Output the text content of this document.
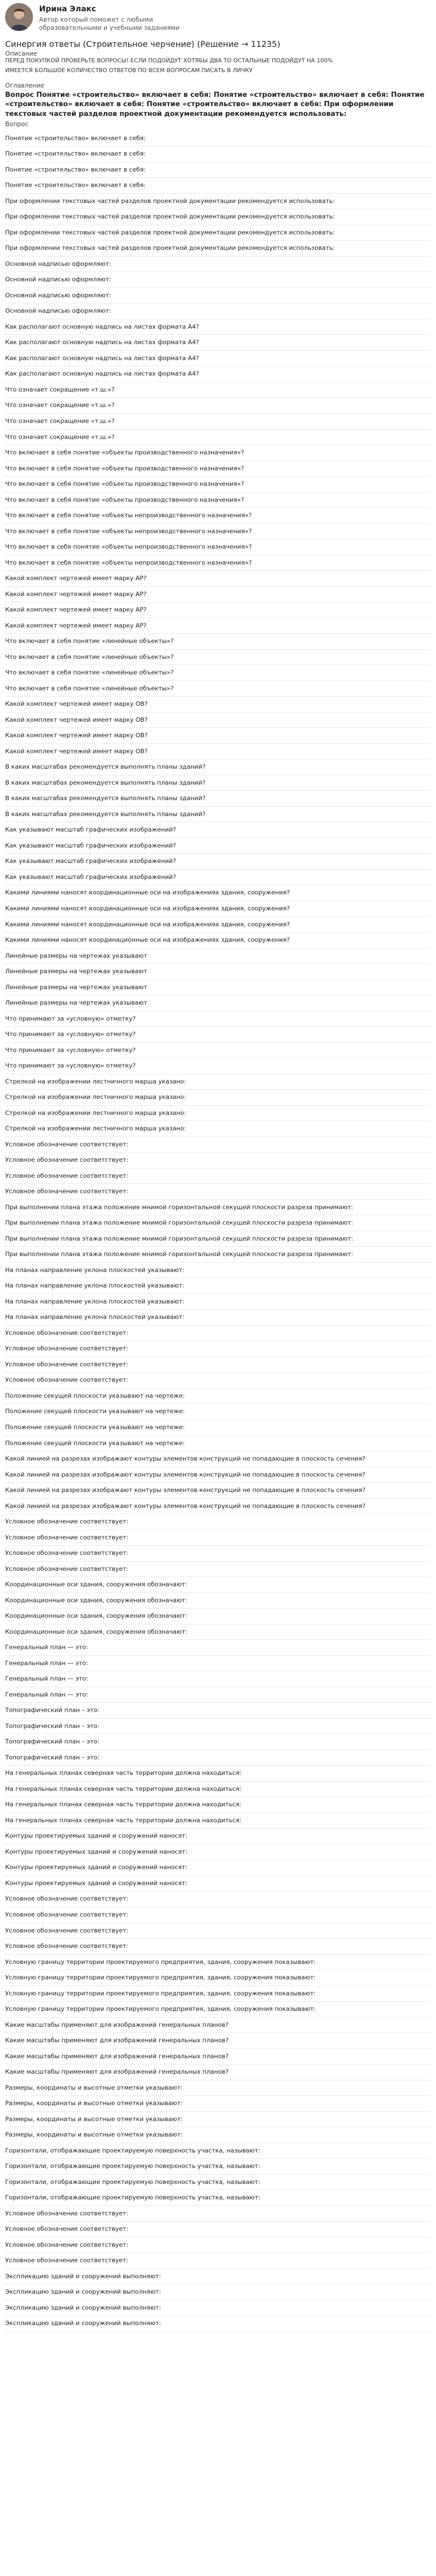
Ирина Элакс
Автор который поможет с любыми образовательными и учебными заданиями
Синергия ответы (Строительное черчение) (Решение → 11235)
Описание
ПЕРЕД ПОКУПКОЙ ПРОВЕРЬТЕ ВОПРОСЫ! ЕСЛИ ПОДОЙДУТ ХОТЯБЫ ДВА ТО ОСТАЛЬНЫЕ ПОДОЙДУТ НА 100%
ИМЕЕТСЯ БОЛЬШОЕ КОЛИЧЕСТВО ОТВЕТОВ ПО ВСЕМ ВОПРОСАМ.ПИСАТЬ В ЛИЧКУ
Оглавление
Вопрос Понятие «строительство» включает в себя: Понятие «строительство» включает в себя: Понятие «строительство» включает в себя: Понятие «строительство» включает в себя: При оформлении текстовых частей разделов проектной документации рекомендуется использовать:
Вопрос
Понятие «строительство» включает в себя:
Понятие «строительство» включает в себя:
Понятие «строительство» включает в себя:
Понятие «строительство» включает в себя:
При оформлении текстовых частей разделов проектной документации рекомендуется использовать:
При оформлении текстовых частей разделов проектной документации рекомендуется использовать:
При оформлении текстовых частей разделов проектной документации рекомендуется использовать:
При оформлении текстовых частей разделов проектной документации рекомендуется использовать:
Основной надписью оформляют:
Основной надписью оформляют:
Основной надписью оформляют:
Основной надписью оформляют:
Как располагают основную надпись на листах формата А4?
Как располагают основную надпись на листах формата А4?
Как располагают основную надпись на листах формата А4?
Как располагают основную надпись на листах формата А4?
Что означает сокращение «т.ш.»?
Что означает сокращение «т.ш.»?
Что означает сокращение «т.ш.»?
Что означает сокращение «т.ш.»?
Что включает в себя понятие «объекты производственного назначения»?
Что включает в себя понятие «объекты производственного назначения»?
Что включает в себя понятие «объекты производственного назначения»?
Что включает в себя понятие «объекты производственного назначения»?
Что включает в себя понятие «объекты непроизводственного назначения»?
Что включает в себя понятие «объекты непроизводственного назначения»?
Что включает в себя понятие «объекты непроизводственного назначения»?
Что включает в себя понятие «объекты непроизводственного назначения»?
Какой комплект чертежей имеет марку АР?
Какой комплект чертежей имеет марку АР?
Какой комплект чертежей имеет марку АР?
Какой комплект чертежей имеет марку АР?
Что включает в себя понятие «линейные объекты»?
Что включает в себя понятие «линейные объекты»?
Что включает в себя понятие «линейные объекты»?
Что включает в себя понятие «линейные объекты»?
Какой комплект чертежей имеет марку ОВ?
Какой комплект чертежей имеет марку ОВ?
Какой комплект чертежей имеет марку ОВ?
Какой комплект чертежей имеет марку ОВ?
В каких масштабах рекомендуется выполнять планы зданий?
В каких масштабах рекомендуется выполнять планы зданий?
В каких масштабах рекомендуется выполнять планы зданий?
В каких масштабах рекомендуется выполнять планы зданий?
Как указывают масштаб графических изображений?
Как указывают масштаб графических изображений?
Как указывают масштаб графических изображений?
Как указывают масштаб графических изображений?
Какими линиями наносят координационные оси на изображениях здания, сооружения?
Какими линиями наносят координационные оси на изображениях здания, сооружения?
Какими линиями наносят координационные оси на изображениях здания, сооружения?
Какими линиями наносят координационные оси на изображениях здания, сооружения?
Линейные размеры на чертежах указывают
Линейные размеры на чертежах указывают
Линейные размеры на чертежах указывают
Линейные размеры на чертежах указывают
Что принимают за «условную» отметку?
Что принимают за «условную» отметку?
Что принимают за «условную» отметку?
Что принимают за «условную» отметку?
Стрелкой на изображении лестничного марша указано:
Стрелкой на изображении лестничного марша указано:
Стрелкой на изображении лестничного марша указано:
Стрелкой на изображении лестничного марша указано:
Условное обозначение соответствует:
Условное обозначение соответствует:
Условное обозначение соответствует:
Условное обозначение соответствует:
При выполнении плана этажа положение мнимой горизонтальной секущей плоскости разреза принимают:
При выполнении плана этажа положение мнимой горизонтальной секущей плоскости разреза принимают:
При выполнении плана этажа положение мнимой горизонтальной секущей плоскости разреза принимают:
При выполнении плана этажа положение мнимой горизонтальной секущей плоскости разреза принимают:
На планах направление уклона плоскостей указывают:
На планах направление уклона плоскостей указывают:
На планах направление уклона плоскостей указывают:
На планах направление уклона плоскостей указывают:
Условное обозначение соответствует:
Условное обозначение соответствует:
Условное обозначение соответствует:
Условное обозначение соответствует:
Положение секущей плоскости указывают на чертеже:
Положение секущей плоскости указывают на чертеже:
Положение секущей плоскости указывают на чертеже:
Положение секущей плоскости указывают на чертеже:
Какой линией на разрезах изображают контуры элементов конструкций не попадающие в плоскость сечения?
Какой линией на разрезах изображают контуры элементов конструкций не попадающие в плоскость сечения?
Какой линией на разрезах изображают контуры элементов конструкций не попадающие в плоскость сечения?
Какой линией на разрезах изображают контуры элементов конструкций не попадающие в плоскость сечения?
Условное обозначение соответствует:
Условное обозначение соответствует:
Условное обозначение соответствует:
Условное обозначение соответствует:
Координационные оси здания, сооружения обозначают:
Координационные оси здания, сооружения обозначают:
Координационные оси здания, сооружения обозначают:
Координационные оси здания, сооружения обозначают:
Генеральный план — это:
Генеральный план — это:
Генеральный план — это:
Генеральный план — это:
Топографический план – это:
Топографический план – это:
Топографический план – это:
Топографический план – это:
На генеральных планах северная часть территории должна находиться:
На генеральных планах северная часть территории должна находиться:
На генеральных планах северная часть территории должна находиться:
На генеральных планах северная часть территории должна находиться:
Контуры проектируемых зданий и сооружений наносят:
Контуры проектируемых зданий и сооружений наносят:
Контуры проектируемых зданий и сооружений наносят:
Контуры проектируемых зданий и сооружений наносят:
Условное обозначение соответствует:
Условное обозначение соответствует:
Условное обозначение соответствует:
Условное обозначение соответствует:
Условную границу территории проектируемого предприятия, здания, сооружения показывают:
Условную границу территории проектируемого предприятия, здания, сооружения показывают:
Условную границу территории проектируемого предприятия, здания, сооружения показывают:
Условную границу территории проектируемого предприятия, здания, сооружения показывают:
Какие масштабы применяют для изображений генеральных планов?
Какие масштабы применяют для изображений генеральных планов?
Какие масштабы применяют для изображений генеральных планов?
Какие масштабы применяют для изображений генеральных планов?
Размеры, координаты и высотные отметки указывают:
Размеры, координаты и высотные отметки указывают:
Размеры, координаты и высотные отметки указывают:
Размеры, координаты и высотные отметки указывают:
Горизонтали, отображающие проектируемую поверхность участка, называют:
Горизонтали, отображающие проектируемую поверхность участка, называют:
Горизонтали, отображающие проектируемую поверхность участка, называют:
Горизонтали, отображающие проектируемую поверхность участка, называют:
Условное обозначение соответствует:
Условное обозначение соответствует:
Условное обозначение соответствует:
Условное обозначение соответствует:
Экспликацию зданий и сооружений выполняют:
Экспликацию зданий и сооружений выполняют:
Экспликацию зданий и сооружений выполняют:
Экспликацию зданий и сооружений выполняют:
